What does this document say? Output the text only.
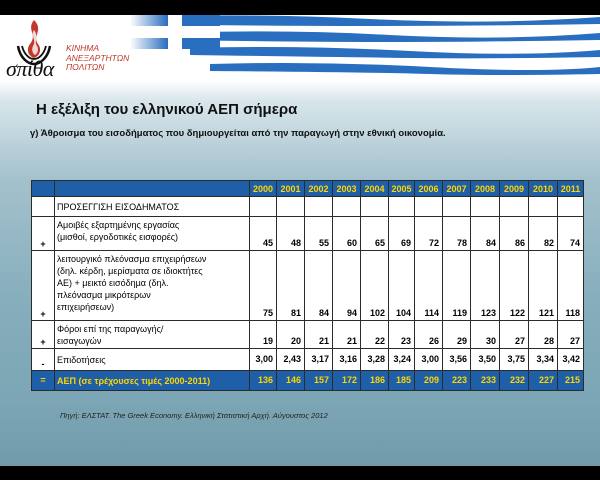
σπίθα
ΚΙΝΗΜΑ
ΑΝΕΞΑΡΤΗΤΩΝ
ΠΟΛΙΤΩΝ
Η εξέλιξη του ελληνικού ΑΕΠ σήμερα
γ) Άθροισμα του εισοδήματος που δημιουργείται από την παραγωγή στην εθνική οικονομία.
		2000	2001	2002	2003	2004	2005	2006	2007	2008	2009	2010	2011
	ΠΡΟΣΕΓΓΙΣΗ ΕΙΣΟΔΗΜΑΤΟΣ												
+	Αμοιβές εξαρτημένης εργασίας
(μισθοί, εργοδοτικές εισφορές)	45	48	55	60	65	69	72	78	84	86	82	74
+	λειτουργικό πλεόνασμα επιχειρήσεων
(δηλ. κέρδη, μερίσματα σε ιδιοκτήτες
ΑΕ) + μεικτό εισόδημα (δηλ.
πλεόνασμα μικρότερων
επιχειρήσεων)	75	81	84	94	102	104	114	119	123	122	121	118
+	Φόροι επί της παραγωγής/
εισαγωγών	19	20	21	21	22	23	26	29	30	27	28	27
-	Επιδοτήσεις	3,00	2,43	3,17	3,16	3,28	3,24	3,00	3,56	3,50	3,75	3,34	3,42
=	ΑΕΠ (σε τρέχουσες τιμές 2000-2011)	136	146	157	172	186	185	209	223	233	232	227	215
Πηγή: ΕΛΣΤΑΤ. The Greek Economy. Ελληνική Στατιστική Αρχή. Αύγουστος 2012
